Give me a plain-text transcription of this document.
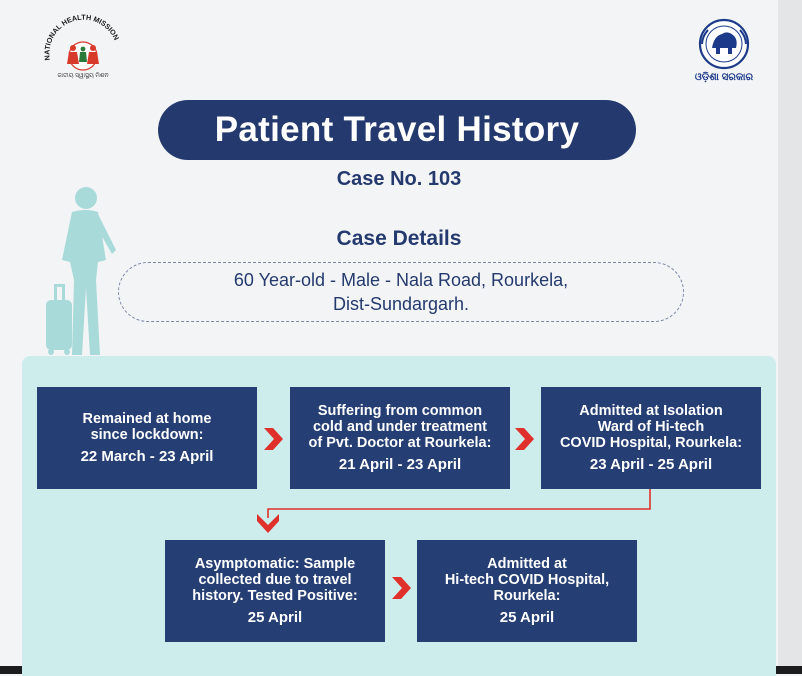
NATIONAL HEALTH MISSION
ଜାତୀୟ ସ୍ୱାସ୍ଥ୍ୟ ମିଶନ	ଓଡ଼ିଶା ସରକାର
Patient Travel History
Case No. 103
Case Details
60 Year-old - Male - Nala Road, Rourkela,
Dist-Sundargarh.
Remained at home
since lockdown:
22 March - 23 April
Suffering from common
cold and under treatment
of Pvt. Doctor at Rourkela:
21 April - 23 April
Admitted at Isolation
Ward of Hi-tech
COVID Hospital, Rourkela:
23 April - 25 April
Asymptomatic: Sample
collected due to travel
history. Tested Positive:
25 April
Admitted at
Hi-tech COVID Hospital,
Rourkela:
25 April
